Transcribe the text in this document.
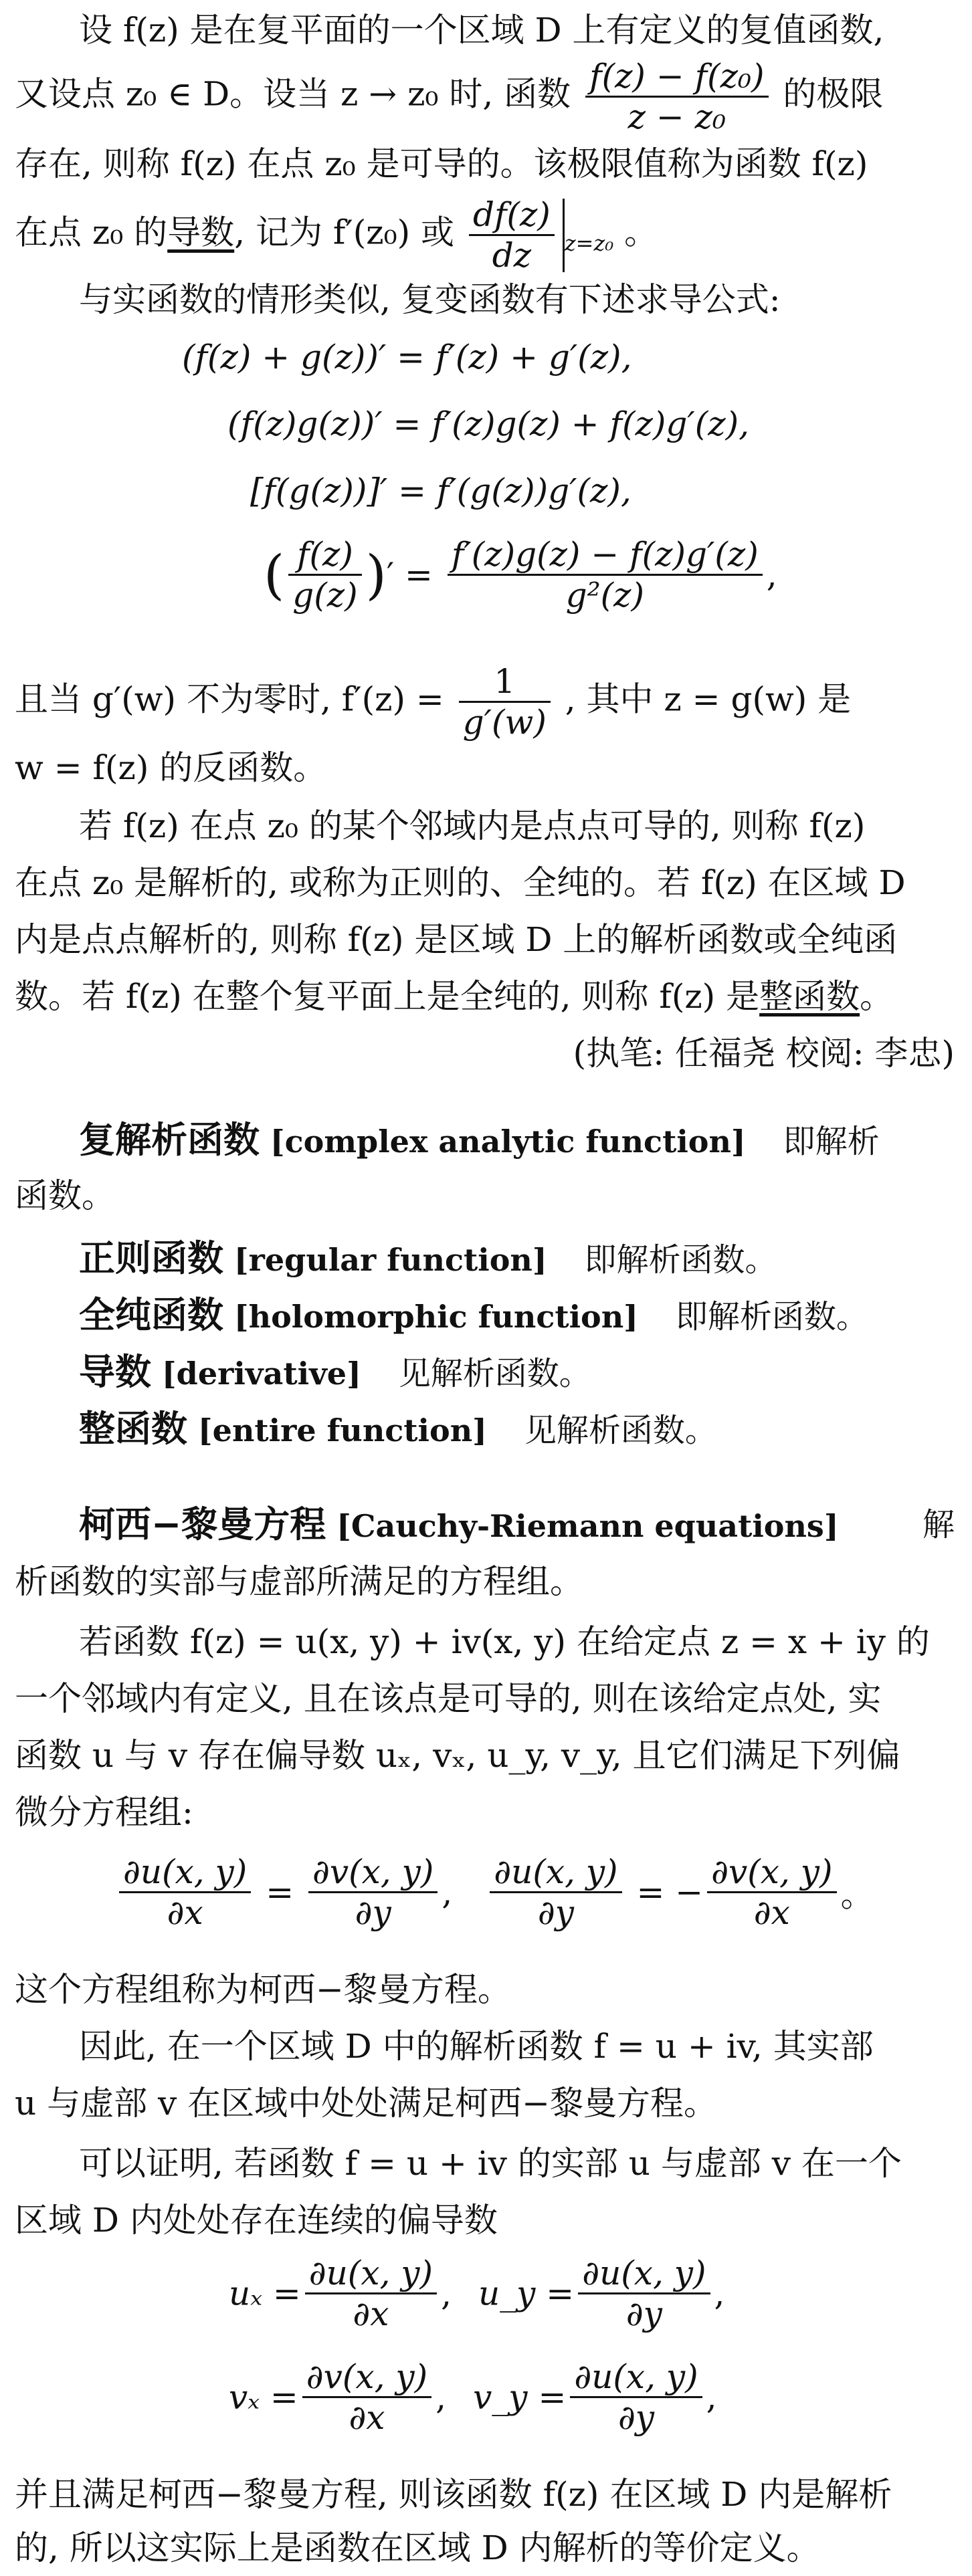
设 f(z) 是在复平面的一个区域 D 上有定义的复值函数,
又设点 z₀ ∈ D。设当 z → z₀ 时, 函数 $\frac{\text{f(z) − f(z₀)}}{\text{z − z₀}}$ 的极限
存在, 则称 f(z) 在点 z₀ 是可导的。该极限值称为函数 f(z)
在点 z₀ 的导数, 记为 f′(z₀) 或 $\frac{df(z)}{dz} _{z=z_0}$ 。
与实函数的情形类似, 复变函数有下述求导公式:
(f(z) + g(z))′ = f′(z) + g′(z),
(f(z)g(z))′ = f′(z)g(z) + f(z)g′(z),
[f(g(z))]′ = f′(g(z))g′(z),
( $\frac{f(z)}{g(z)}$ )′ = $\frac{f'(z)g(z) - f(z)g'(z)}{\text{g²(z)}}$ ,
且当 g′(w) 不为零时, $f'(z) = \frac{1}{g'(w)}$ , 其中 z = g(w) 是
w = f(z) 的反函数。
若 f(z) 在点 z₀ 的某个邻域内是点点可导的, 则称 f(z)
在点 z₀ 是解析的, 或称为正则的、全纯的。若 f(z) 在区域 D
内是点点解析的, 则称 f(z) 是区域 D 上的解析函数或全纯函
数。若 f(z) 在整个复平面上是全纯的, 则称 f(z) 是整函数。
(执笔: 任福尧 校阅: 李忠)
复解析函数 [complex analytic function] 即解析
函数。
正则函数 [regular function] 即解析函数。
全纯函数 [holomorphic function] 即解析函数。
导数 [derivative] 见解析函数。
整函数 [entire function] 见解析函数。
柯西−黎曼方程 [Cauchy-Riemann equations]	解
析函数的实部与虚部所满足的方程组。
若函数 f(z) = u(x, y) + iv(x, y) 在给定点 z = x + iy 的
一个邻域内有定义, 且在该点是可导的, 则在该给定点处, 实
函数 u 与 v 存在偏导数 uₓ, vₓ, u_y, v_y, 且它们满足下列偏
微分方程组:
$\frac{\partial u(x, y)}{\partial x} = \frac{\partial v(x, y)}{\partial y}$ , $\frac{\partial u(x, y)}{\partial y}$ = − $\frac{\partial v(x, y)}{\partial x}$ 。
这个方程组称为柯西−黎曼方程。
因此, 在一个区域 D 中的解析函数 f = u + iv, 其实部
u 与虚部 v 在区域中处处满足柯西−黎曼方程。
可以证明, 若函数 f = u + iv 的实部 u 与虚部 v 在一个
区域 D 内处处存在连续的偏导数
$u_x = \frac{\partial u(x, y)}{\partial x}$ , u_y = $\frac{\partial u(x, y)}{\partial y}$ ,
$v_x = \frac{\partial v(x, y)}{\partial x}$ , v_y = $\frac{\partial u(x, y)}{\partial y}$ ,
并且满足柯西−黎曼方程, 则该函数 f(z) 在区域 D 内是解析
的, 所以这实际上是函数在区域 D 内解析的等价定义。
